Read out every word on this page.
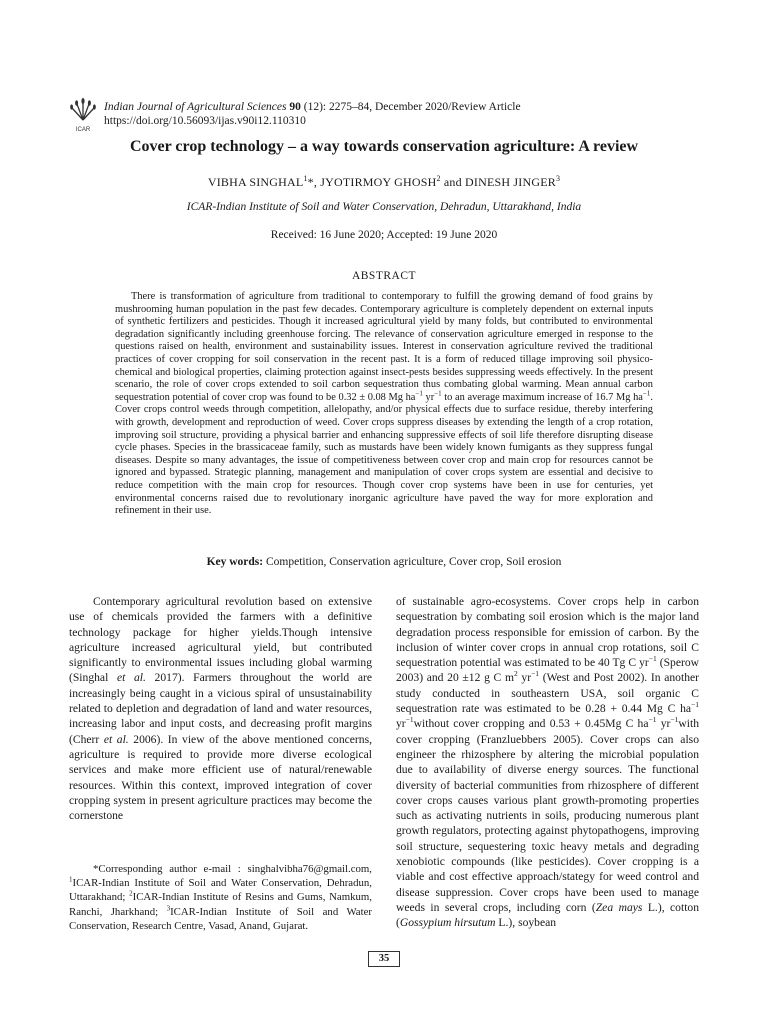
ICAR
Indian Journal of Agricultural Sciences 90 (12): 2275–84, December 2020/Review Article
https://doi.org/10.56093/ijas.v90i12.110310
Cover crop technology – a way towards conservation agriculture: A review
VIBHA SINGHAL$^1$*, JYOTIRMOY GHOSH$^2$ and DINESH JINGER$^3$
ICAR-Indian Institute of Soil and Water Conservation, Dehradun, Uttarakhand, India
Received: 16 June 2020; Accepted: 19 June 2020
ABSTRACT
There is transformation of agriculture from traditional to contemporary to fulfill the growing demand of food grains by mushrooming human population in the past few decades. Contemporary agriculture is completely dependent on external inputs of synthetic fertilizers and pesticides. Though it increased agricultural yield by many folds, but contributed to environmental degradation significantly including greenhouse forcing. The relevance of conservation agriculture emerged in response to the questions raised on health, environment and sustainability issues. Interest in conservation agriculture revived the traditional practices of cover cropping for soil conservation in the recent past. It is a form of reduced tillage improving soil physico-chemical and biological properties, claiming protection against insect-pests besides suppressing weeds effectively. In the present scenario, the role of cover crops extended to soil carbon sequestration thus combating global warming. Mean annual carbon sequestration potential of cover crop was found to be 0.32 ± 0.08 Mg $ha^{-1}$ $yr^{-1}$ to an average maximum increase of 16.7 Mg $ha^{-1}$. Cover crops control weeds through competition, allelopathy, and/or physical effects due to surface residue, thereby interfering with growth, development and reproduction of weed. Cover crops suppress diseases by extending the length of a crop rotation, improving soil structure, providing a physical barrier and enhancing suppressive effects of soil life therefore disrupting disease cycle phases. Species in the brassicaceae family, such as mustards have been widely known fumigants as they suppress fungal diseases. Despite so many advantages, the issue of competitiveness between cover crop and main crop for resources cannot be ignored and bypassed. Strategic planning, management and manipulation of cover crops system are essential and decisive to reduce competition with the main crop for resources. Though cover crop systems have been in use for centuries, yet environmental concerns raised due to revolutionary inorganic agriculture have paved the way for more exploration and refinement in their use.
Key words: Competition, Conservation agriculture, Cover crop, Soil erosion
Contemporary agricultural revolution based on extensive use of chemicals provided the farmers with a definitive technology package for higher yields.Though intensive agriculture increased agricultural yield, but contributed significantly to environmental issues including global warming (Singhal et al. 2017). Farmers throughout the world are increasingly being caught in a vicious spiral of unsustainability related to depletion and degradation of land and water resources, increasing labor and input costs, and decreasing profit margins (Cherr et al. 2006). In view of the above mentioned concerns, agriculture is required to provide more diverse ecological services and make more efficient use of natural/renewable resources. Within this context, improved integration of cover cropping system in present agriculture practices may become the cornerstone
*Corresponding author e-mail : singhalvibha76@gmail.com, $^1$ICAR-Indian Institute of Soil and Water Conservation, Dehradun, Uttarakhand; $^2$ICAR-Indian Institute of Resins and Gums, Namkum, Ranchi, Jharkhand; $^3$ICAR-Indian Institute of Soil and Water Conservation, Research Centre, Vasad, Anand, Gujarat.
of sustainable agro-ecosystems. Cover crops help in carbon sequestration by combating soil erosion which is the major land degradation process responsible for emission of carbon. By the inclusion of winter cover crops in annual crop rotations, soil C sequestration potential was estimated to be 40 Tg C $yr^{-1}$ (Sperow 2003) and 20 ±12 g C $m^2$ $yr^{-1}$ (West and Post 2002). In another study conducted in southeastern USA, soil organic C sequestration rate was estimated to be 0.28 + 0.44 Mg C $ha^{-1}$ $yr^{-1}without$ cover cropping and 0.53 + 0.45Mg C $ha^{-1}$ $yr^{-1}with$ cover cropping (Franzluebbers 2005). Cover crops can also engineer the rhizosphere by altering the microbial population due to availability of diverse energy sources. The functional diversity of bacterial communities from rhizosphere of different cover crops causes various plant growth-promoting properties such as activating nutrients in soils, producing numerous plant growth regulators, protecting against phytopathogens, improving soil structure, sequestering toxic heavy metals and degrading xenobiotic compounds (like pesticides). Cover cropping is a viable and cost effective approach/stategy for weed control and disease suppression. Cover crops have been used to manage weeds in several crops, including corn (Zea mays L.), cotton (Gossypium hirsutum L.), soybean
35
